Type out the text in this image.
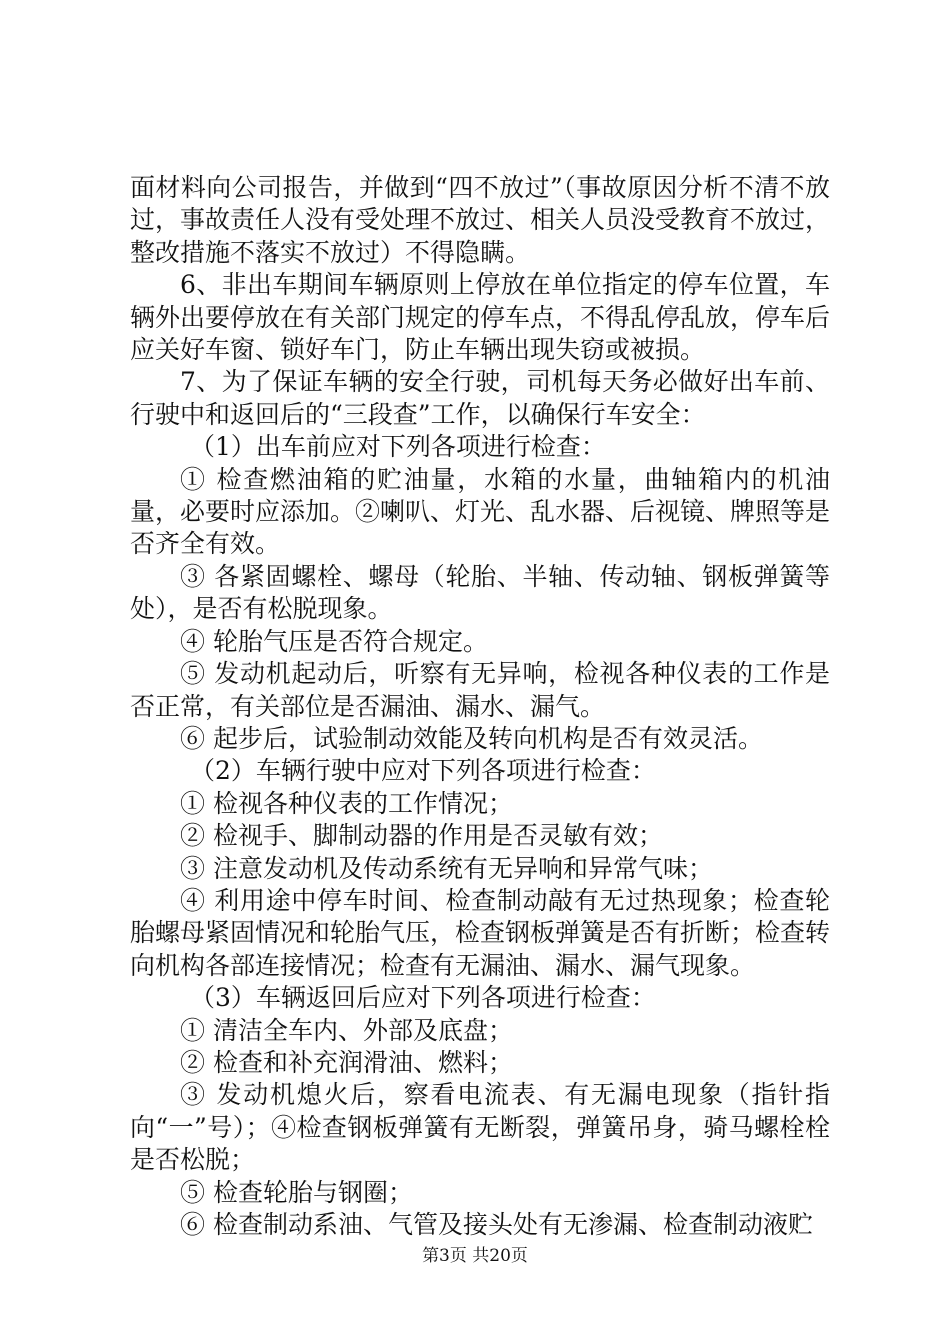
面材料向公司报告，并做到“四不放过”（事故原因分析不清不放过，事故责任人没有受处理不放过、相关人员没受教育不放过，整改措施不落实不放过）不得隐瞒。

6、非出车期间车辆原则上停放在单位指定的停车位置，车辆外出要停放在有关部门规定的停车点，不得乱停乱放，停车后应关好车窗、锁好车门，防止车辆出现失窃或被损。

7、为了保证车辆的安全行驶，司机每天务必做好出车前、行驶中和返回后的“三段查”工作，以确保行车安全：

（1）出车前应对下列各项进行检查：

① 检查燃油箱的贮油量，水箱的水量，曲轴箱内的机油量，必要时应添加。②喇叭、灯光、乱水器、后视镜、牌照等是否齐全有效。

③ 各紧固螺栓、螺母（轮胎、半轴、传动轴、钢板弹簧等处），是否有松脱现象。

④ 轮胎气压是否符合规定。

⑤ 发动机起动后，听察有无异响，检视各种仪表的工作是否正常，有关部位是否漏油、漏水、漏气。

⑥ 起步后，试验制动效能及转向机构是否有效灵活。

（2）车辆行驶中应对下列各项进行检查：

① 检视各种仪表的工作情况；

② 检视手、脚制动器的作用是否灵敏有效；

③ 注意发动机及传动系统有无异响和异常气味；

④ 利用途中停车时间、检查制动敲有无过热现象；检查轮胎螺母紧固情况和轮胎气压，检查钢板弹簧是否有折断；检查转向机构各部连接情况；检查有无漏油、漏水、漏气现象。

（3）车辆返回后应对下列各项进行检查：

① 清洁全车内、外部及底盘；

② 检查和补充润滑油、燃料；

③ 发动机熄火后，察看电流表、有无漏电现象（指针指向“一”号）；④检查钢板弹簧有无断裂，弹簧吊身，骑马螺栓栓是否松脱；

⑤ 检查轮胎与钢圈；

⑥ 检查制动系油、气管及接头处有无渗漏、检查制动液贮

第3页 共20页
